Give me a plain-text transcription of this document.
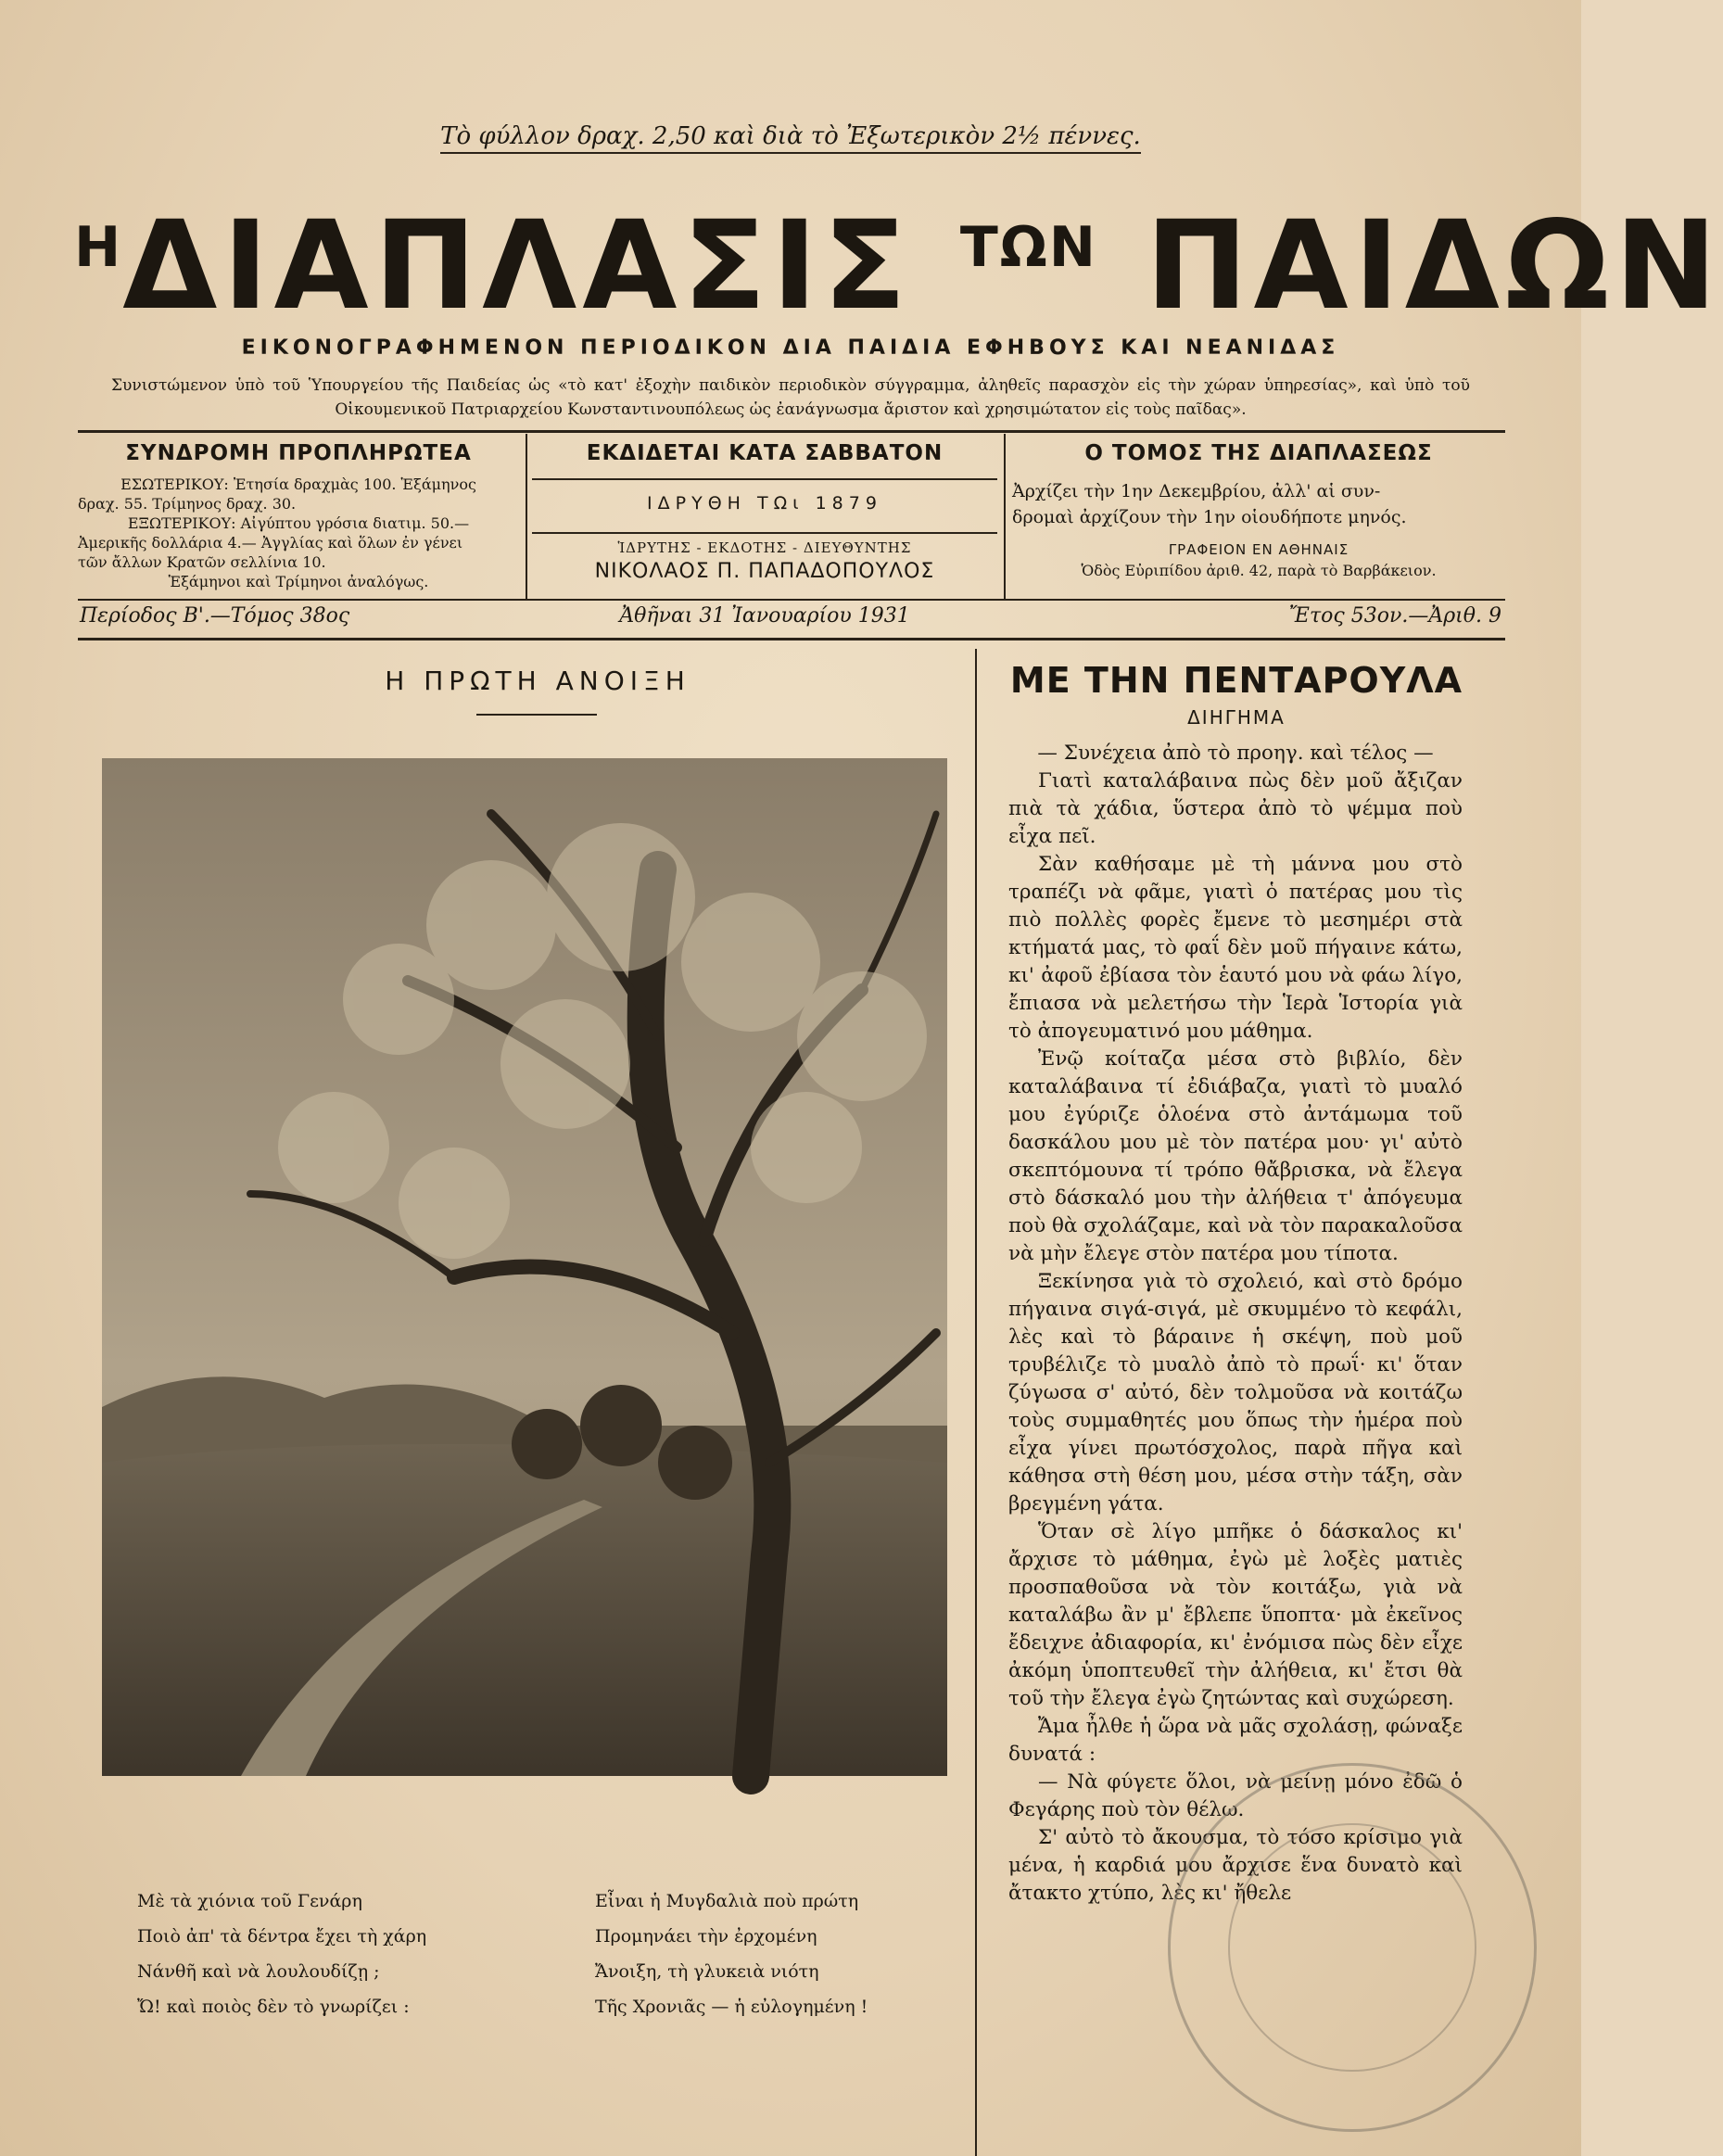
Τὸ φύλλον δραχ. 2,50 καὶ διὰ τὸ Ἐξωτερικὸν 2½ πέννες.
$^H$ΔΙΑΠΛΑΣΙΣ $^{T\Omega N}$ ΠΑΙΔΩΝ
ΕΙΚΟΝΟΓΡΑΦΗΜΕΝΟΝ ΠΕΡΙΟΔΙΚΟΝ ΔΙΑ ΠΑΙΔΙΑ ΕΦΗΒΟΥΣ ΚΑΙ ΝΕΑΝΙΔΑΣ
Συνιστώμενον ὑπὸ τοῦ Ὑπουργείου τῆς Παιδείας ὡς «τὸ κατ' ἐξοχὴν παιδικὸν περιοδικὸν σύγγραμμα, ἀληθεῖς παρασχὸν εἰς τὴν χώραν ὑπηρεσίας», καὶ ὑπὸ τοῦ Οἰκουμενικοῦ Πατριαρχείου Κωνσταντινουπόλεως ὡς ἐανάγνωσμα ἄριστον καὶ χρησιμώτατον εἰς τοὺς παῖδας».
ΣΥΝΔΡΟΜΗ ΠΡΟΠΛΗΡΩΤΕΑ
ΕΣΩΤΕΡΙΚΟΥ: Ἐτησία δραχμὰς 100. Ἑξάμηνος
δραχ. 55. Τρίμηνος δραχ. 30.
ΕΞΩΤΕΡΙΚΟΥ: Αἰγύπτου γρόσια διατιμ. 50.—
Ἀμερικῆς δολλάρια 4.— Ἀγγλίας καὶ ὅλων ἐν γένει
τῶν ἄλλων Κρατῶν σελλίνια 10.
Ἑξάμηνοι καὶ Τρίμηνοι ἀναλόγως.
ΕΚΔΙΔΕΤΑΙ ΚΑΤΑ ΣΑΒΒΑΤΟΝ
ΙΔΡΥΘΗ ΤΩι 1879
ἹΔΡΥΤΗΣ - ΕΚΔΟΤΗΣ - ΔΙΕΥΘΥΝΤΗΣ
ΝΙΚΟΛΑΟΣ Π. ΠΑΠΑΔΟΠΟΥΛΟΣ
Ο ΤΟΜΟΣ ΤΗΣ ΔΙΑΠΛΑΣΕΩΣ
Ἀρχίζει τὴν 1ην Δεκεμβρίου, ἀλλ' αἱ συν-
δρομαὶ ἀρχίζουν τὴν 1ην οἱουδήποτε μηνός.
ΓΡΑΦΕΙΟΝ ΕΝ ΑΘΗΝΑΙΣ
Ὁδὸς Εὐριπίδου ἀριθ. 42, παρὰ τὸ Βαρβάκειον.
Περίοδος Β'.—Τόμος 38ος	Ἀθῆναι 31 Ἰανουαρίου 1931	Ἔτος 53ον.—Ἀριθ. 9
Η ΠΡΩΤΗ ΑΝΟΙΞΗ
Μὲ τὰ χιόνια τοῦ Γενάρη
Ποιὸ ἀπ' τὰ δέντρα ἔχει τὴ χάρη
Νάνθῆ καὶ νὰ λουλουδίζῃ ;
Ὤ! καὶ ποιὸς δὲν τὸ γνωρίζει :
Εἶναι ἡ Μυγδαλιὰ ποὺ πρώτη
Προμηνάει τὴν ἐρχομένη
Ἄνοιξη, τὴ γλυκειὰ νιότη
Τῆς Χρονιᾶς — ἡ εὐλογημένη !
ΜΕ ΤΗΝ ΠΕΝΤΑΡΟΥΛΑ
ΔΙΗΓΗΜΑ

— Συνέχεια ἀπὸ τὸ προηγ. καὶ τέλος —

Γιατὶ καταλάβαινα πὼς δὲν μοῦ ἄξιζαν πιὰ τὰ χάδια, ὕστερα ἀπὸ τὸ ψέμμα ποὺ εἶχα πεῖ.

Σὰν καθήσαμε μὲ τὴ μάννα μου στὸ τραπέζι νὰ φᾶμε, γιατὶ ὁ πατέρας μου τὶς πιὸ πολλὲς φορὲς ἔμενε τὸ μεσημέρι στὰ κτήματά μας, τὸ φαΐ δὲν μοῦ πήγαινε κάτω, κι' ἀφοῦ ἐβίασα τὸν ἑαυτό μου νὰ φάω λίγο, ἔπιασα νὰ μελετήσω τὴν Ἱερὰ Ἱστορία γιὰ τὸ ἀπογευματινό μου μάθημα.

Ἐνῷ κοίταζα μέσα στὸ βιβλίο, δὲν καταλάβαινα τί ἐδιάβαζα, γιατὶ τὸ μυαλό μου ἐγύριζε ὁλοένα στὸ ἀντάμωμα τοῦ δασκάλου μου μὲ τὸν πατέρα μου· γι' αὐτὸ σκεπτόμουνα τί τρόπο θἄβρισκα, νὰ ἔλεγα στὸ δάσκαλό μου τὴν ἀλήθεια τ' ἀπόγευμα ποὺ θὰ σχολάζαμε, καὶ νὰ τὸν παρακαλοῦσα νὰ μὴν ἔλεγε στὸν πατέρα μου τίποτα.

Ξεκίνησα γιὰ τὸ σχολειό, καὶ στὸ δρόμο πήγαινα σιγά-σιγά, μὲ σκυμμένο τὸ κεφάλι, λὲς καὶ τὸ βάραινε ἡ σκέψη, ποὺ μοῦ τρυβέλιζε τὸ μυαλὸ ἀπὸ τὸ πρωΐ· κι' ὅταν ζύγωσα σ' αὐτό, δὲν τολμοῦσα νὰ κοιτάζω τοὺς συμμαθητές μου ὅπως τὴν ἡμέρα ποὺ εἶχα γίνει πρωτόσχολος, παρὰ πῆγα καὶ κάθησα στὴ θέση μου, μέσα στὴν τάξη, σὰν βρεγμένη γάτα.

Ὅταν σὲ λίγο μπῆκε ὁ δάσκαλος κι' ἄρχισε τὸ μάθημα, ἐγὼ μὲ λοξὲς ματιὲς προσπαθοῦσα νὰ τὸν κοιτάξω, γιὰ νὰ καταλάβω ἂν μ' ἔβλεπε ὕποπτα· μὰ ἐκεῖνος ἔδειχνε ἀδιαφορία, κι' ἐνόμισα πὼς δὲν εἶχε ἀκόμη ὑποπτευθεῖ τὴν ἀλήθεια, κι' ἔτσι θὰ τοῦ τὴν ἔλεγα ἐγὼ ζητώντας καὶ συχώρεση.

Ἄμα ἦλθε ἡ ὥρα νὰ μᾶς σχολάσῃ, φώναξε δυνατά :

— Νὰ φύγετε ὅλοι, νὰ μείνῃ μόνο ἐδῶ ὁ Φεγάρης ποὺ τὸν θέλω.

Σ' αὐτὸ τὸ ἄκουσμα, τὸ τόσο κρίσιμο γιὰ μένα, ἡ καρδιά μου ἄρχισε ἕνα δυνατὸ καὶ ἄτακτο χτύπο, λὲς κι' ἤθελε
